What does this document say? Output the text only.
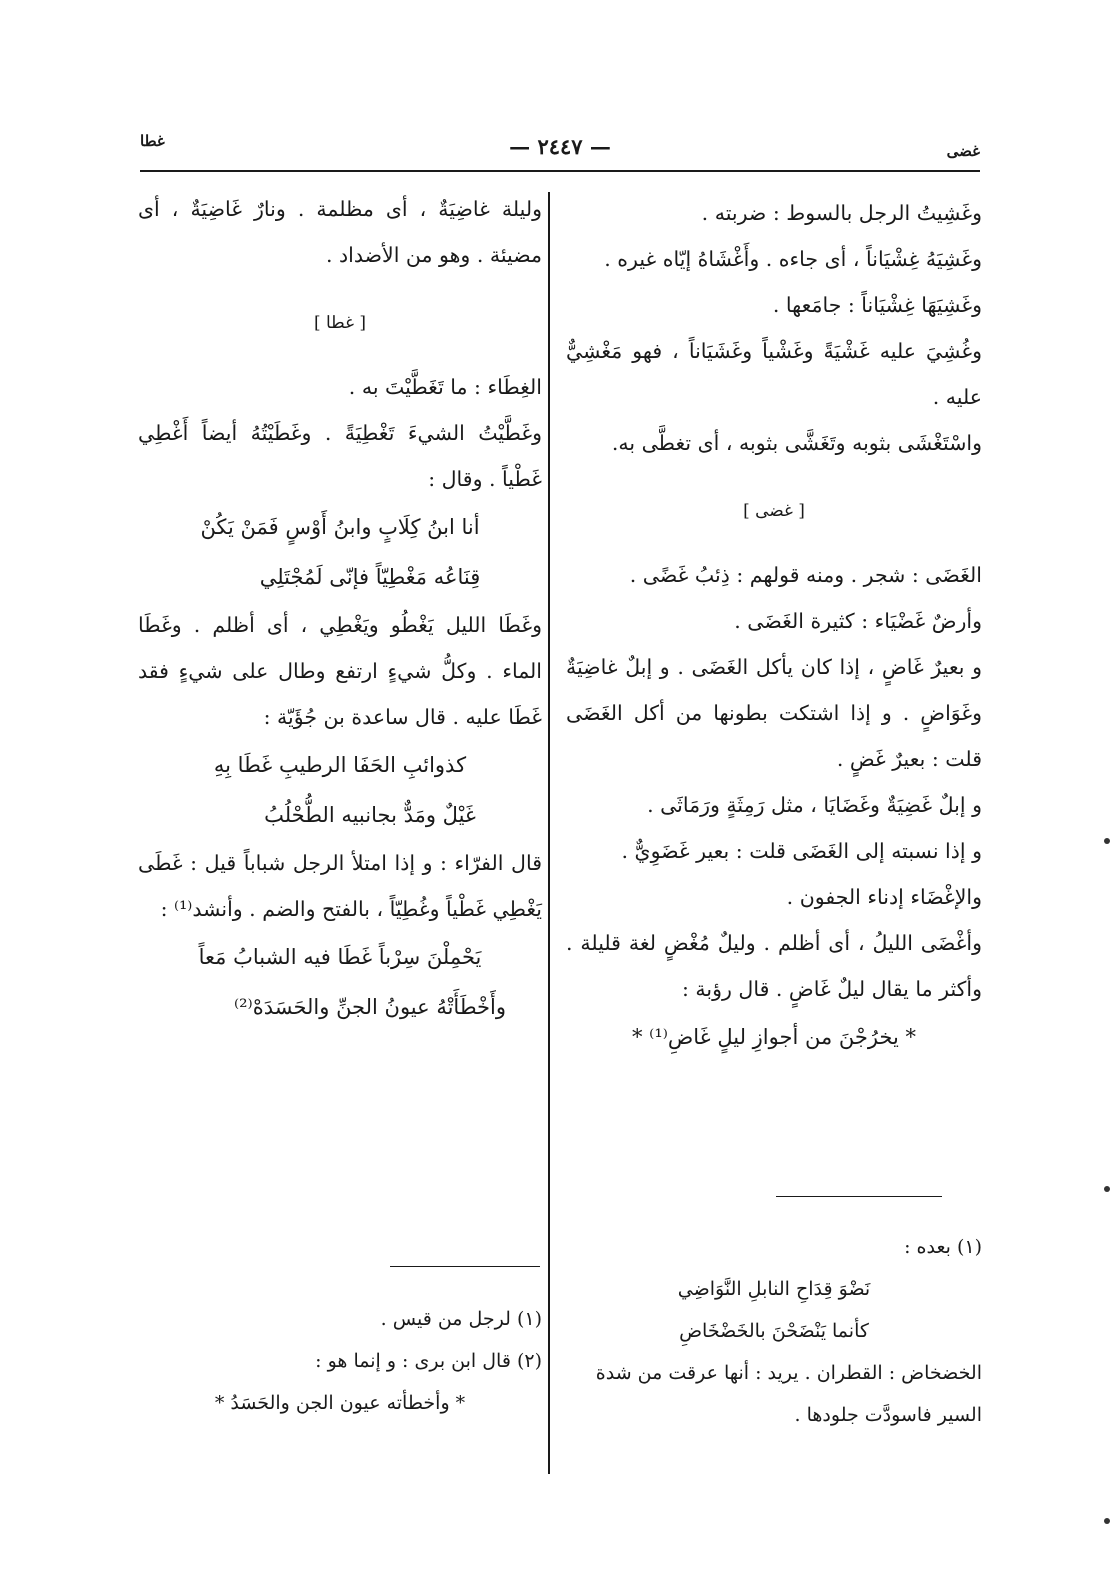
غضى
— ٢٤٤٧ —
غطا

وغَشِيتُ الرجل بالسوط : ضربته .

وغَشِيَهُ غِشْيَاناً ، أى جاءه . وأَغْشَاهُ إيّاه غيره .

وغَشِيَهَا غِشْيَاناً : جامَعها .

وغُشِيَ عليه غَشْيَةً وغَشْياً وغَشَيَاناً ، فهو مَغْشِيٌّ عليه .

واسْتَغْشَى بثوبه وتَغَشَّى بثوبه ، أى تغطَّى به.

[ غضى ]

الغَضَى : شجر . ومنه قولهم : ذِئبُ غَضًى .

وأرضٌ غَضْيَاء : كثيرة الغَضَى .

و بعيرٌ غَاضٍ ، إذا كان يأكل الغَضَى . و إبلٌ غاضِيَةٌ وغَوَاضٍ . و إذا اشتكت بطونها من أكل الغَضَى قلت : بعيرٌ غَضٍ .

و إبلٌ غَضِيَةٌ وغَضَايَا ، مثل رَمِثَةٍ ورَمَاثَى .

و إذا نسبته إلى الغَضَى قلت : بعير غَضَوِيٌّ .

والإغْضَاء إدناء الجفون .

وأغْضَى الليلُ ، أى أظلم . وليلٌ مُغْضٍ لغة قليلة . وأكثر ما يقال ليلٌ غَاضٍ . قال رؤبة :

* يخرُجْنَ من أجوازِ ليلٍ غَاضِ⁽¹⁾ *
(١) بعده :
نَضْوَ قِدَاحِ النابلِ النَّوَاضِي
كأنما يَنْضَحْنَ بالخَضْخَاضِ
الخضخاض : القطران . يريد : أنها عرقت من شدة السير فاسودَّت جلودها .

وليلة غاضِيَةٌ ، أى مظلمة . ونارٌ غَاضِيَةٌ ، أى مضيئة . وهو من الأضداد .

[ غطا ]

الغِطَاء : ما تَغَطَّيْتَ به .

وغَطَّيْتُ الشيءَ تَغْطِيَةً . وغَطَيْتُهُ أيضاً أَغْطِي غَطْياً . وقال :

أنا ابنُ كِلَابٍ وابنُ أَوْسٍ فَمَنْ يَكُنْ
قِنَاعُه مَغْطِيّاً فإنّى لَمُجْتَلِي

وغَطَا الليل يَغْطُو ويَغْطِي ، أى أظلم . وغَطَا الماء . وكلُّ شيءٍ ارتفع وطال على شيءٍ فقد غَطَا عليه . قال ساعدة بن جُؤَيّة :

كذوائبِ الحَفَا الرطيبِ غَطَا بِهِ
غَيْلٌ ومَدٌّ بجانبيه الطُّحْلُبُ

قال الفرّاء : و إذا امتلأ الرجل شباباً قيل : غَطَى يَغْطِي غَطْياً وغُطِيّاً ، بالفتح والضم . وأنشد⁽¹⁾ :

يَحْمِلْنَ سِرْباً غَطَا فيه الشبابُ مَعاً
وأَخْطَأَتْهُ عيونُ الجنِّ والحَسَدَهْ⁽²⁾
(١) لرجل من قيس .
(٢) قال ابن برى : و إنما هو :
* وأخطأته عيون الجن والحَسَدُ *
